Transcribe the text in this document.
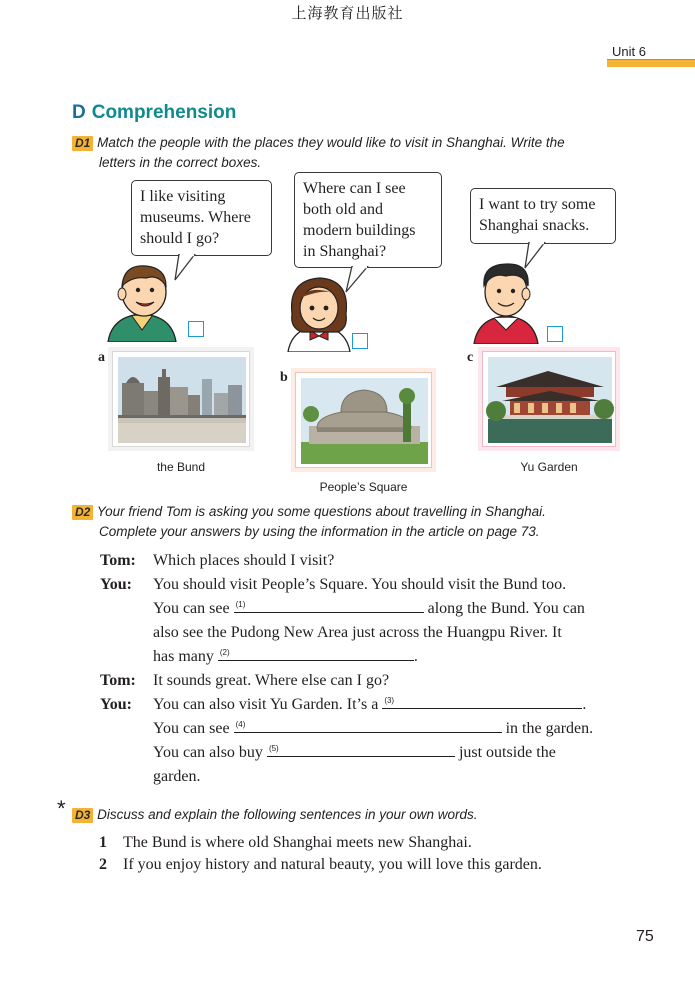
上海教育出版社
Unit 6
D Comprehension
D1 Match the people with the places they would like to visit in Shanghai. Write the
letters in the correct boxes.
I like visiting
museums. Where
should I go?
Where can I see
both old and
modern buildings
in Shanghai?
I want to try some
Shanghai snacks.
a
the Bund
b
People’s Square
c
Yu Garden
D2 Your friend Tom is asking you some questions about travelling in Shanghai.
Complete your answers by using the information in the article on page 73.
Tom: Which places should I visit?
You: You should visit People’s Square. You should visit the Bund too.
You can see (1)	along the Bund. You can
also see the Pudong New Area just across the Huangpu River. It
has many (2)	.
Tom: It sounds great. Where else can I go?
You: You can also visit Yu Garden. It’s a (3)	.
You can see (4)	in the garden.
You can also buy (5)	just outside the
garden.
* D3 Discuss and explain the following sentences in your own words.
1 The Bund is where old Shanghai meets new Shanghai.
2 If you enjoy history and natural beauty, you will love this garden.
75
